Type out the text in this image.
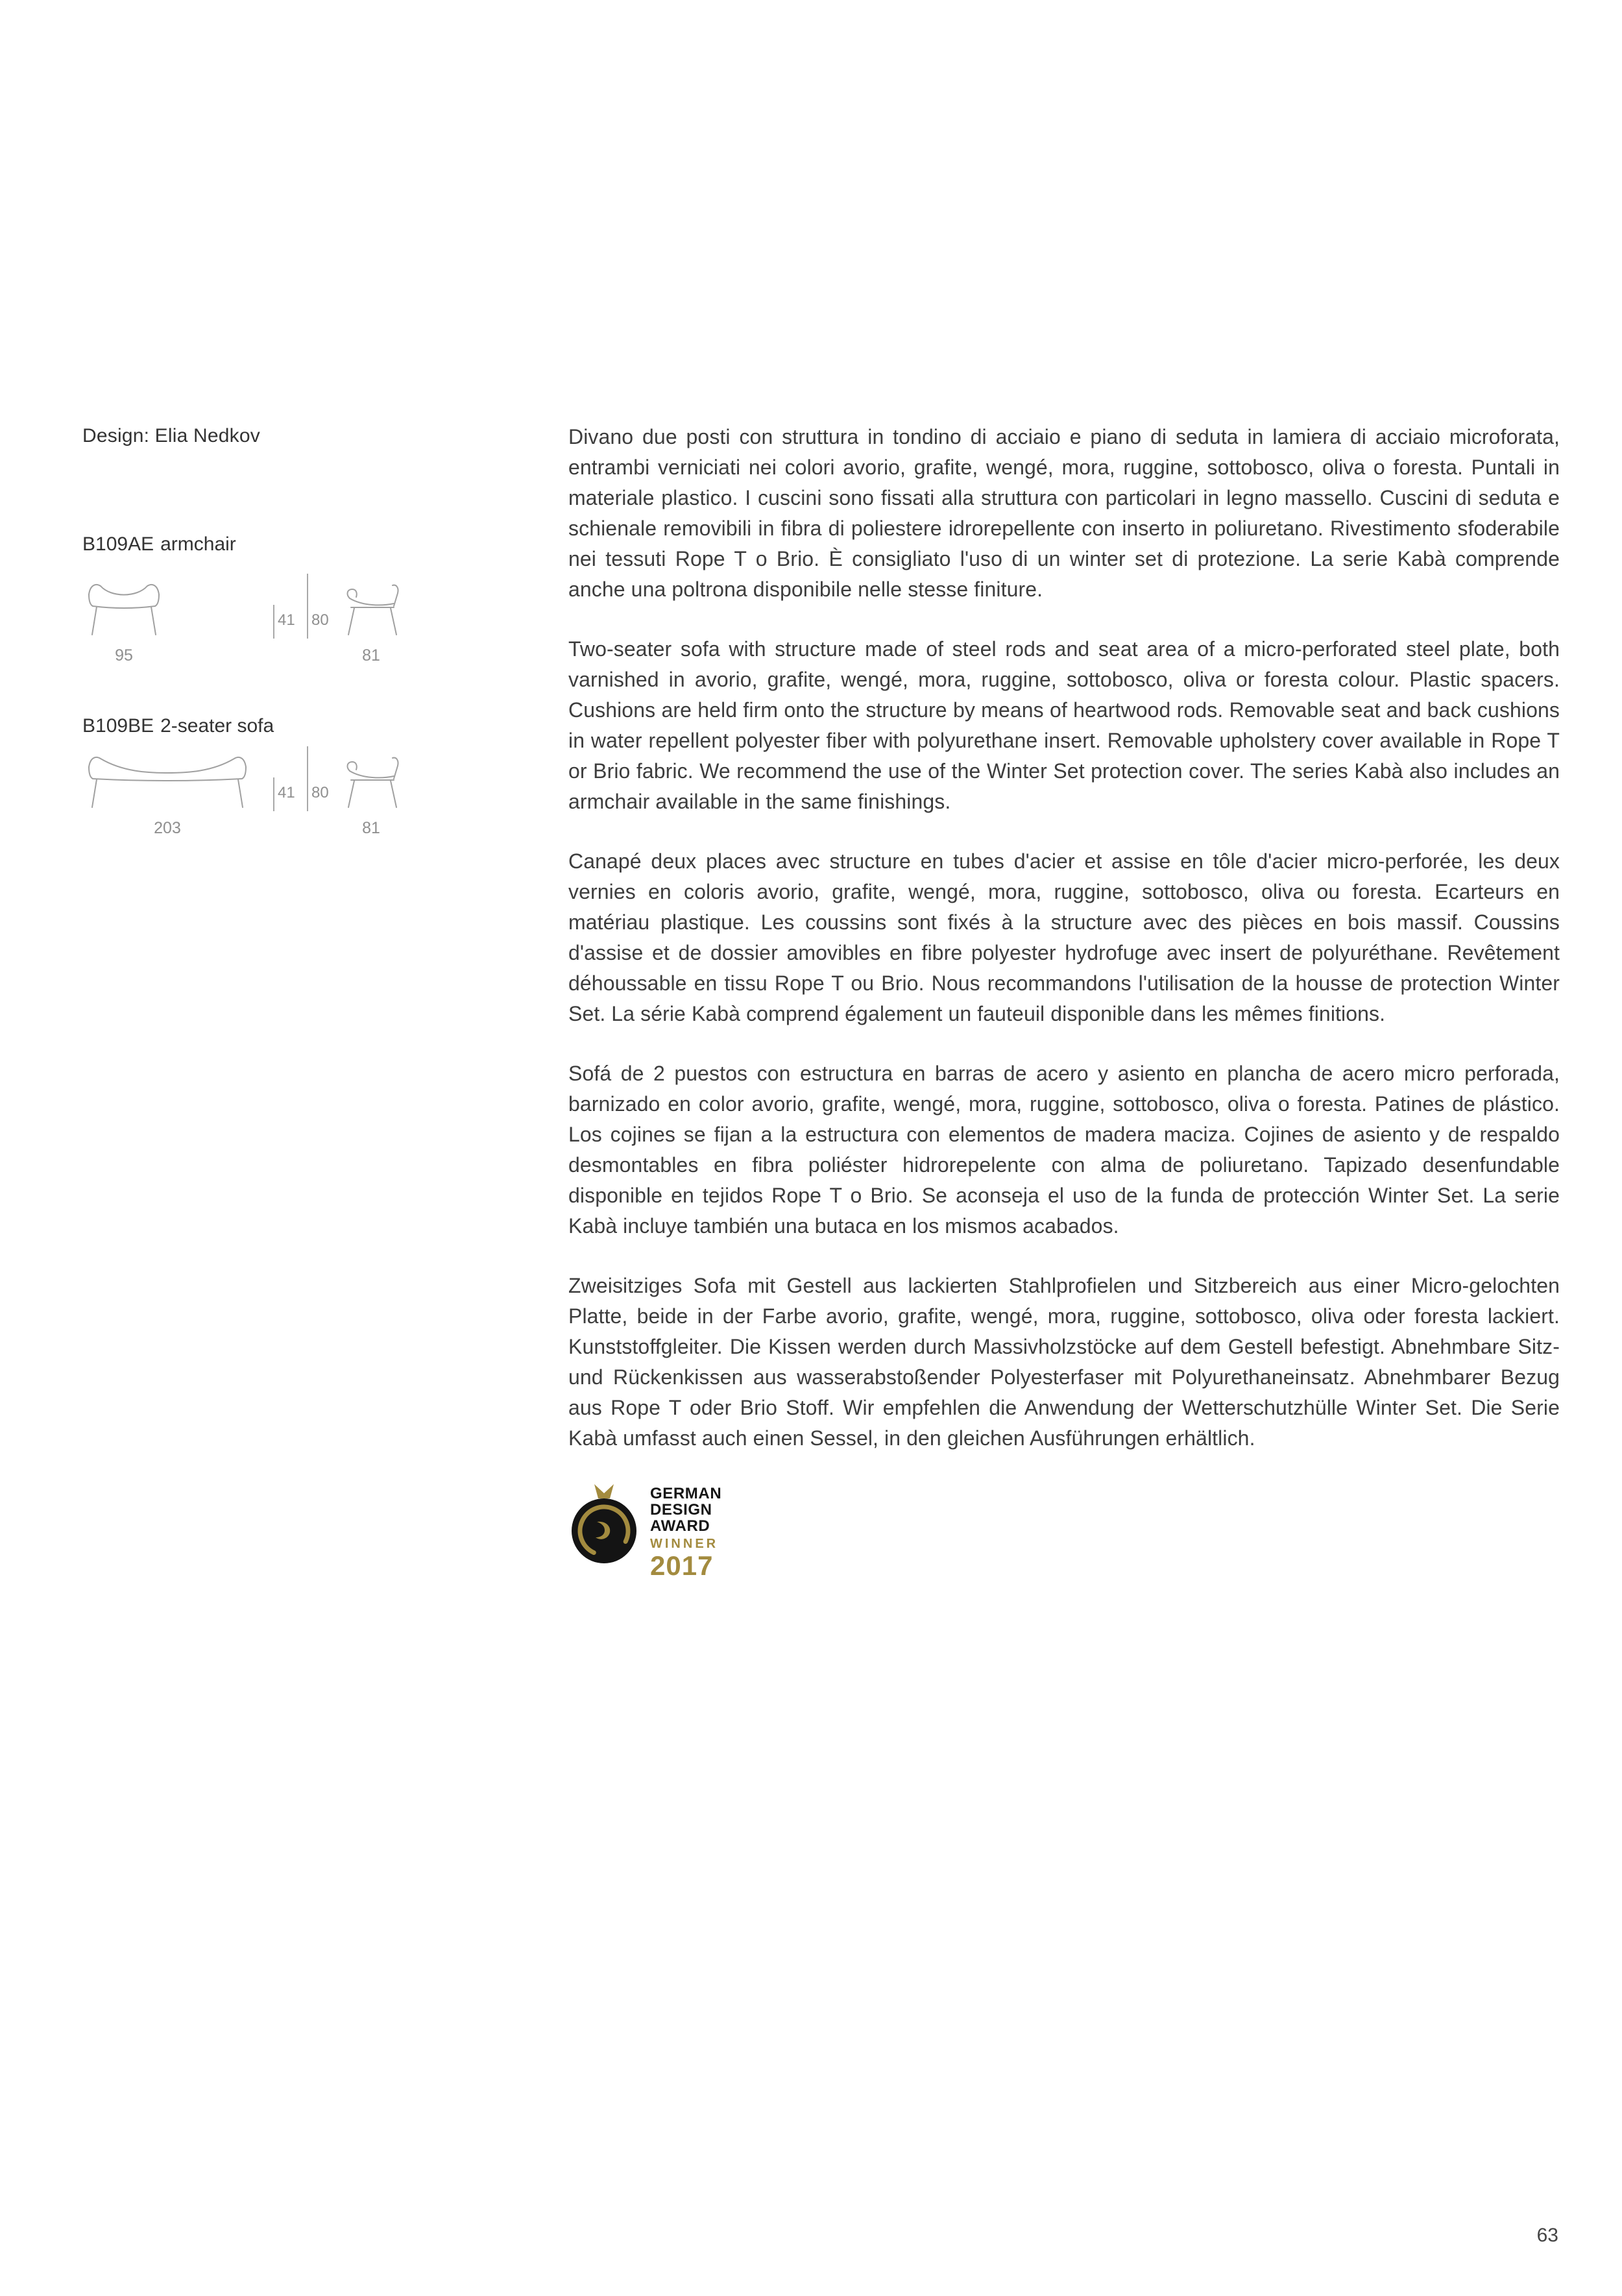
Design: Elia Nedkov
B109AE armchair
95
41 80
81
B109BE 2-seater sofa
203
41 80
81

Divano due posti con struttura in tondino di acciaio e piano di seduta in lamiera di acciaio microforata, entrambi verniciati nei colori avorio, grafite, wengé, mora, ruggine, sottobosco, oliva o foresta. Puntali in materiale plastico. I cuscini sono fissati alla struttura con particolari in legno massello. Cuscini di seduta e schienale removibili in fibra di poliestere idrorepellente con inserto in poliuretano. Rivestimento sfoderabile nei tessuti Rope T o Brio. È consigliato l'uso di un winter set di protezione. La serie Kabà comprende anche una poltrona disponibile nelle stesse finiture.

Two-seater sofa with structure made of steel rods and seat area of a micro-perforated steel plate, both varnished in avorio, grafite, wengé, mora, ruggine, sottobosco, oliva or foresta colour. Plastic spacers. Cushions are held firm onto the structure by means of heartwood rods. Removable seat and back cushions in water repellent polyester fiber with polyurethane insert. Removable upholstery cover available in Rope T or Brio fabric. We recommend the use of the Winter Set protection cover. The series Kabà also includes an armchair available in the same finishings.

Canapé deux places avec structure en tubes d'acier et assise en tôle d'acier micro-perforée, les deux vernies en coloris avorio, grafite, wengé, mora, ruggine, sottobosco, oliva ou foresta. Ecarteurs en matériau plastique. Les coussins sont fixés à la structure avec des pièces en bois massif. Coussins d'assise et de dossier amovibles en fibre polyester hydrofuge avec insert de polyuréthane. Revêtement déhoussable en tissu Rope T ou Brio. Nous recommandons l'utilisation de la housse de protection Winter Set. La série Kabà comprend également un fauteuil disponible dans les mêmes finitions.

Sofá de 2 puestos con estructura en barras de acero y asiento en plancha de acero micro perforada, barnizado en color avorio, grafite, wengé, mora, ruggine, sottobosco, oliva o foresta. Patines de plástico. Los cojines se fijan a la estructura con elementos de madera maciza. Cojines de asiento y de respaldo desmontables en fibra poliéster hidrorepelente con alma de poliuretano. Tapizado desenfundable disponible en tejidos Rope T o Brio. Se aconseja el uso de la funda de protección Winter Set. La serie Kabà incluye también una butaca en los mismos acabados.

Zweisitziges Sofa mit Gestell aus lackierten Stahlprofielen und Sitzbereich aus einer Micro-gelochten Platte, beide in der Farbe avorio, grafite, wengé, mora, ruggine, sottobosco, oliva oder foresta lackiert. Kunststoffgleiter. Die Kissen werden durch Massivholzstöcke auf dem Gestell befestigt. Abnehmbare Sitz- und Rückenkissen aus wasserabstoßender Polyesterfaser mit Polyurethaneinsatz. Abnehmbarer Bezug aus Rope T oder Brio Stoff. Wir empfehlen die Anwendung der Wetterschutzhülle Winter Set. Die Serie Kabà umfasst auch einen Sessel, in den gleichen Ausführungen erhältlich.

GERMAN
DESIGN
AWARD
WINNER
2017
63
